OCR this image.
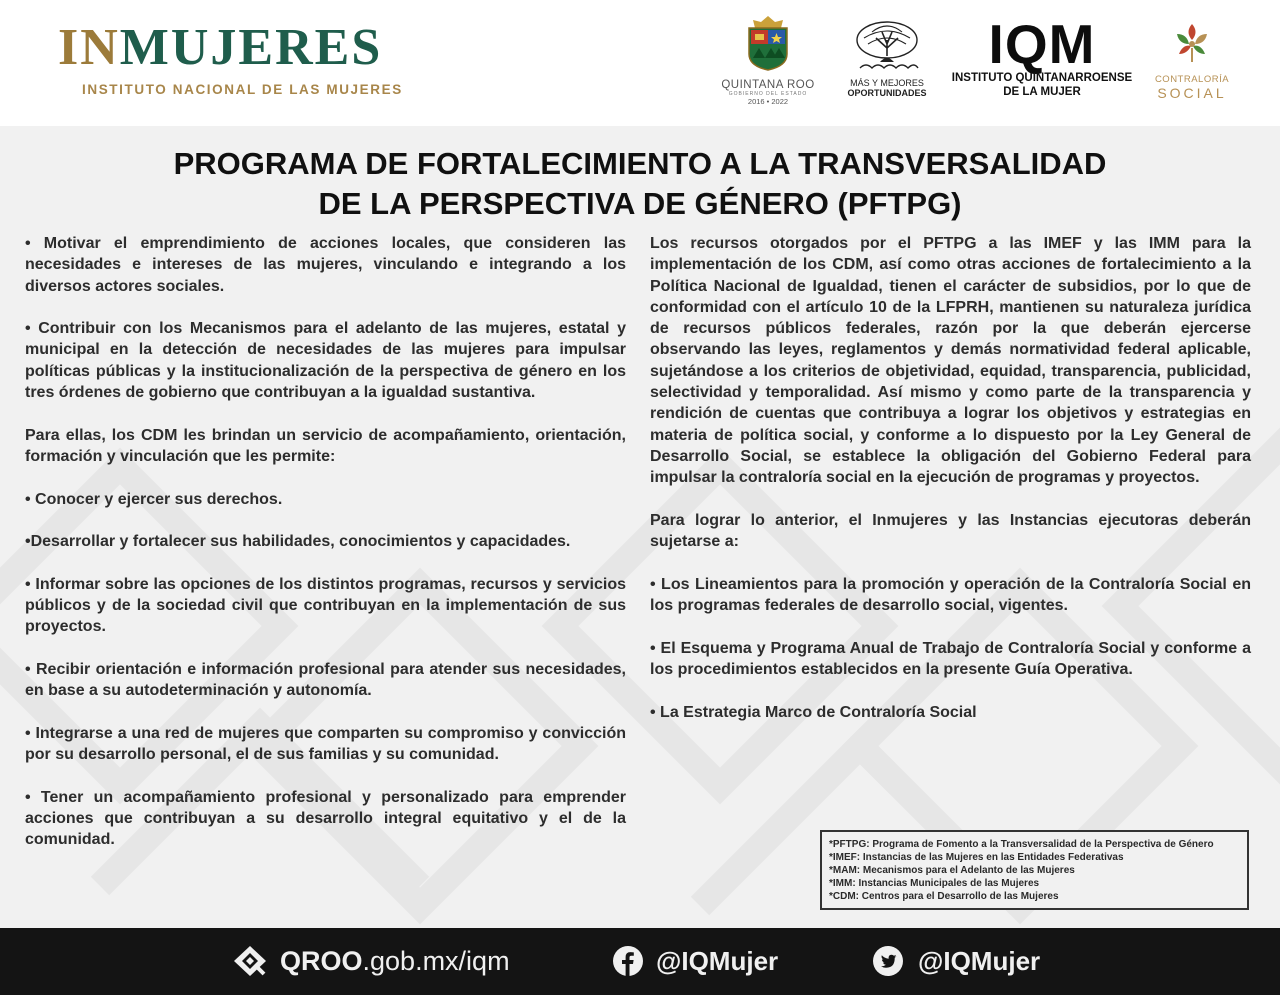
INMUJERES
INSTITUTO NACIONAL DE LAS MUJERES	QUINTANA ROO
GOBIERNO DEL ESTADO
2016 • 2022
MÁS Y MEJORES
OPORTUNIDADES
IQM
INSTITUTO QUINTANARROENSE
DE LA MUJER
CONTRALORÍA
SOCIAL
PROGRAMA DE FORTALECIMIENTO A LA TRANSVERSALIDAD
DE LA PERSPECTIVA DE GÉNERO (PFTPG)

• Motivar el emprendimiento de acciones locales, que consideren las necesidades e intereses de las mujeres, vinculando e integrando a los diversos actores sociales.

• Contribuir con los Mecanismos para el adelanto de las mujeres, estatal y municipal en la detección de necesidades de las mujeres para impulsar políticas públicas y la institucionalización de la perspectiva de género en los tres órdenes de gobierno que contribuyan a la igualdad sustantiva.

Para ellas, los CDM les brindan un servicio de acompañamiento, orientación, formación y vinculación que les permite:

• Conocer y ejercer sus derechos.

•Desarrollar y fortalecer sus habilidades, conocimientos y capacidades.

• Informar sobre las opciones de los distintos programas, recursos y servicios públicos y de la sociedad civil que contribuyan en la implementación de sus proyectos.

• Recibir orientación e información profesional para atender sus necesidades, en base a su autodeterminación y autonomía.

• Integrarse a una red de mujeres que comparten su compromiso y convicción por su desarrollo personal, el de sus familias y su comunidad.

• Tener un acompañamiento profesional y personalizado para emprender acciones que contribuyan a su desarrollo integral equitativo y el de la comunidad.

Los recursos otorgados por el PFTPG a las IMEF y las IMM para la implementación de los CDM, así como otras acciones de fortalecimiento a la Política Nacional de Igualdad, tienen el carácter de subsidios, por lo que de conformidad con el artículo 10 de la LFPRH, mantienen su naturaleza jurídica de recursos públicos federales, razón por la que deberán ejercerse observando las leyes, reglamentos y demás normatividad federal aplicable, sujetándose a los criterios de objetividad, equidad, transparencia, publicidad, selectividad y temporalidad. Así mismo y como parte de la transparencia y rendición de cuentas que contribuya a lograr los objetivos y estrategias en materia de política social, y conforme a lo dispuesto por la Ley General de Desarrollo Social, se establece la obligación del Gobierno Federal para impulsar la contraloría social en la ejecución de programas y proyectos.

Para lograr lo anterior, el Inmujeres y las Instancias ejecutoras deberán sujetarse a:

• Los Lineamientos para la promoción y operación de la Contraloría Social en los programas federales de desarrollo social, vigentes.

• El Esquema y Programa Anual de Trabajo de Contraloría Social y conforme a los procedimientos establecidos en la presente Guía Operativa.

• La Estrategia Marco de Contraloría Social

*PFTPG: Programa de Fomento a la Transversalidad de la Perspectiva de Género
*IMEF: Instancias de las Mujeres en las Entidades Federativas
*MAM: Mecanismos para el Adelanto de las Mujeres
*IMM: Instancias Municipales de las Mujeres
*CDM: Centros para el Desarrollo de las Mujeres
QROO.gob.mx/iqm	@IQMujer	@IQMujer
